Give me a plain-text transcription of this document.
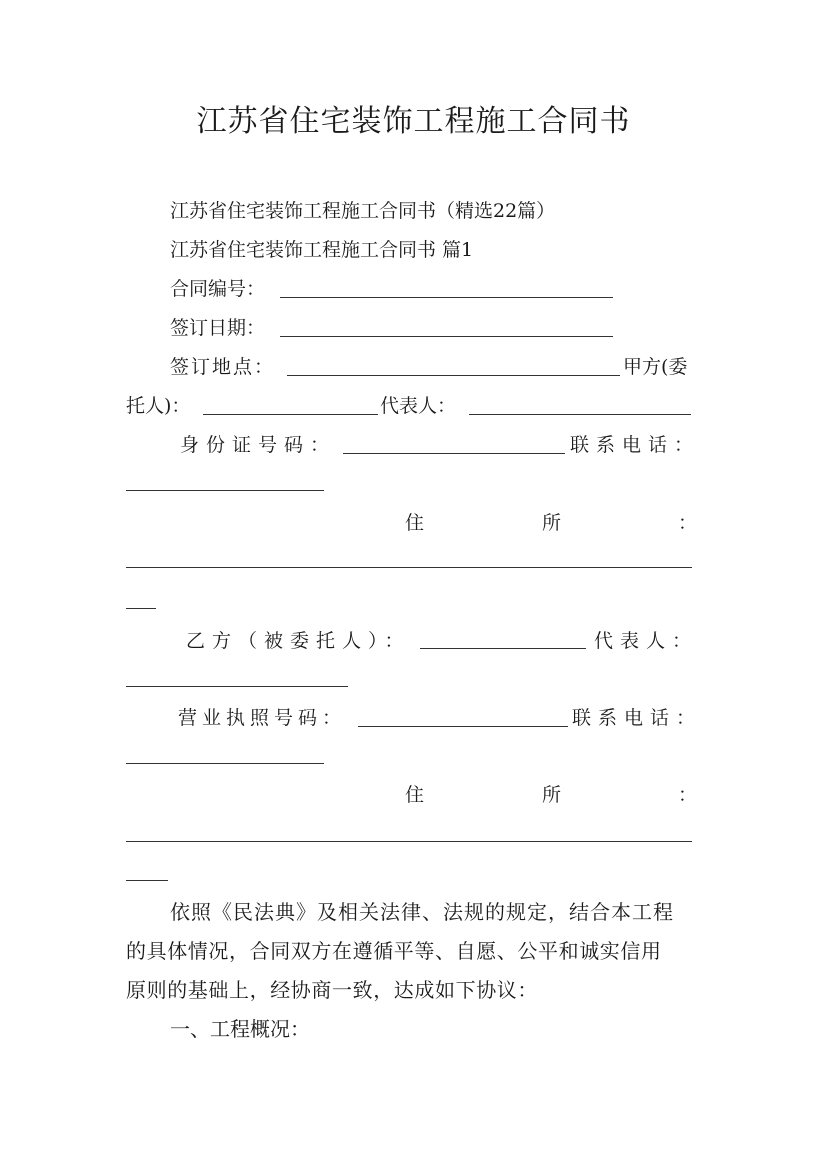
江苏省住宅装饰工程施工合同书
江苏省住宅装饰工程施工合同书（精选22篇）
江苏省住宅装饰工程施工合同书 篇1
合同编号：
签订日期：
签订地点：	甲方(委
托人)：	代表人：
身份证号码：	联系电话：
住	所	：
乙方（被委托人）：	代表人：
营业执照号码：	联系电话：
住	所	：
依照《民法典》及相关法律、法规的规定，结合本工程
的具体情况，合同双方在遵循平等、自愿、公平和诚实信用
原则的基础上，经协商一致，达成如下协议：
一、工程概况：
